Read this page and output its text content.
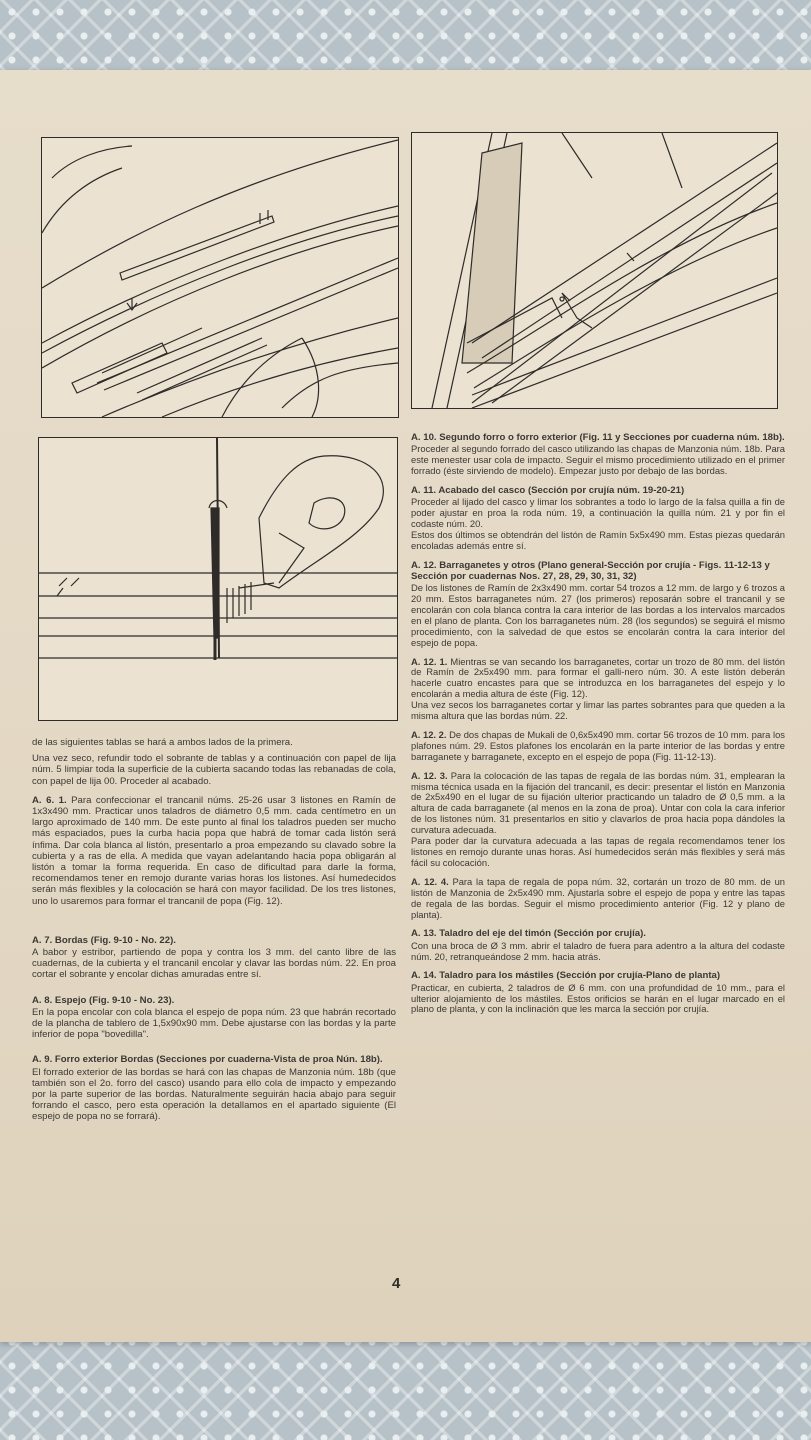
de las siguientes tablas se hará a ambos lados de la primera.

Una vez seco, refundir todo el sobrante de tablas y a continuación con papel de lija núm. 5 limpiar toda la superficie de la cubierta sacando todas las rebanadas de cola, con papel de lija 00. Proceder al acabado.

A. 6. 1. Para confeccionar el trancanil núms. 25-26 usar 3 listones en Ramín de 1x3x490 mm. Practicar unos taladros de diámetro 0,5 mm. cada centímetro en un largo aproximado de 140 mm. De este punto al final los taladros pueden ser mucho más espaciados, pues la curba hacia popa que habrá de tomar cada listón será ínfima. Dar cola blanca al listón, presentarlo a proa empezando su clavado sobre la cubierta y a ras de ella. A medida que vayan adelantando hacia popa obligarán al listón a tomar la forma requerida. En caso de dificultad para darle la forma, recomendamos tener en remojo durante varias horas los listones. Así humedecidos serán más flexibles y la colocación se hará con mayor facilidad. De los tres listones, uno lo usaremos para formar el trancanil de popa (Fig. 12).

A. 7. Bordas (Fig. 9-10 - No. 22).

A babor y estribor, partiendo de popa y contra los 3 mm. del canto libre de las cuadernas, de la cubierta y el trancanil encolar y clavar las bordas núm. 22. En proa cortar el sobrante y encolar dichas amuradas entre sí.

A. 8. Espejo (Fig. 9-10 - No. 23).

En la popa encolar con cola blanca el espejo de popa núm. 23 que habrán recortado de la plancha de tablero de 1,5x90x90 mm. Debe ajustarse con las bordas y la parte inferior de popa "bovedilla".

A. 9. Forro exterior Bordas (Secciones por cuaderna-Vista de proa Nún. 18b).

El forrado exterior de las bordas se hará con las chapas de Manzonia núm. 18b (que también son el 2o. forro del casco) usando para ello cola de impacto y empezando por la parte superior de las bordas. Naturalmente seguirán hacia abajo para seguir forrando el casco, pero esta operación la detallamos en el apartado siguiente (El espejo de popa no se forrará).

A. 10. Segundo forro o forro exterior (Fig. 11 y Secciones por cuaderna núm. 18b).

Proceder al segundo forrado del casco utilizando las chapas de Manzonia núm. 18b. Para este menester usar cola de impacto. Seguir el mismo procedimiento utilizado en el primer forrado (éste sirviendo de modelo). Empezar justo por debajo de las bordas.

A. 11. Acabado del casco (Sección por crujía núm. 19-20-21)

Proceder al lijado del casco y limar los sobrantes a todo lo largo de la falsa quilla a fin de poder ajustar en proa la roda núm. 19, a continuación la quilla núm. 21 y por fin el codaste núm. 20.

Estos dos últimos se obtendrán del listón de Ramín 5x5x490 mm. Estas piezas quedarán encoladas además entre sí.

A. 12. Barraganetes y otros (Plano general-Sección por crujía - Figs. 11-12-13 y Sección por cuadernas Nos. 27, 28, 29, 30, 31, 32)

De los listones de Ramín de 2x3x490 mm. cortar 54 trozos a 12 mm. de largo y 6 trozos a 20 mm. Estos barraganetes núm. 27 (los primeros) reposarán sobre el trancanil y se encolarán con cola blanca contra la cara interior de las bordas a los intervalos marcados en el plano de planta. Con los barraganetes núm. 28 (los segundos) se seguirá el mismo procedimiento, con la salvedad de que estos se encolarán contra la cara interior del espejo de popa.

A. 12. 1. Mientras se van secando los barraganetes, cortar un trozo de 80 mm. del listón de Ramín de 2x5x490 mm. para formar el galli-nero núm. 30. A este listón deberán hacerle cuatro encastes para que se introduzca en los barraganetes del espejo y lo encolarán a media altura de éste (Fig. 12).

Una vez secos los barraganetes cortar y limar las partes sobrantes para que queden a la misma altura que las bordas núm. 22.

A. 12. 2. De dos chapas de Mukali de 0,6x5x490 mm. cortar 56 trozos de 10 mm. para los plafones núm. 29. Estos plafones los encolarán en la parte interior de las bordas y entre barraganete y barraganete, excepto en el espejo de popa (Fig. 11-12-13).

A. 12. 3. Para la colocación de las tapas de regala de las bordas núm. 31, emplearan la misma técnica usada en la fijación del trancanil, es decir: presentar el listón en Manzonia de 2x5x490 en el lugar de su fijación ulterior practicando un taladro de Ø 0,5 mm. a la altura de cada barraganete (al menos en la zona de proa). Untar con cola la cara inferior de los listones núm. 31 presentarlos en sitio y clavarlos de proa hacia popa dándoles la curvatura adecuada.

Para poder dar la curvatura adecuada a las tapas de regala recomendamos tener los listones en remojo durante unas horas. Así humedecidos serán más flexibles y será más fácil su colocación.

A. 12. 4. Para la tapa de regala de popa núm. 32, cortarán un trozo de 80 mm. de un listón de Manzonia de 2x5x490 mm. Ajustarla sobre el espejo de popa y entre las tapas de regala de las bordas. Seguir el mismo procedimiento anterior (Fig. 12 y plano de planta).

A. 13. Taladro del eje del timón (Sección por crujía).

Con una broca de Ø 3 mm. abrir el taladro de fuera para adentro a la altura del codaste núm. 20, retranqueándose 2 mm. hacia atrás.

A. 14. Taladro para los mástiles (Sección por crujía-Plano de planta)

Practicar, en cubierta, 2 taladros de Ø 6 mm. con una profundidad de 10 mm., para el ulterior alojamiento de los mástiles. Estos orificios se harán en el lugar marcado en el plano de planta, y con la inclinación que les marca la sección por crujía.

4
